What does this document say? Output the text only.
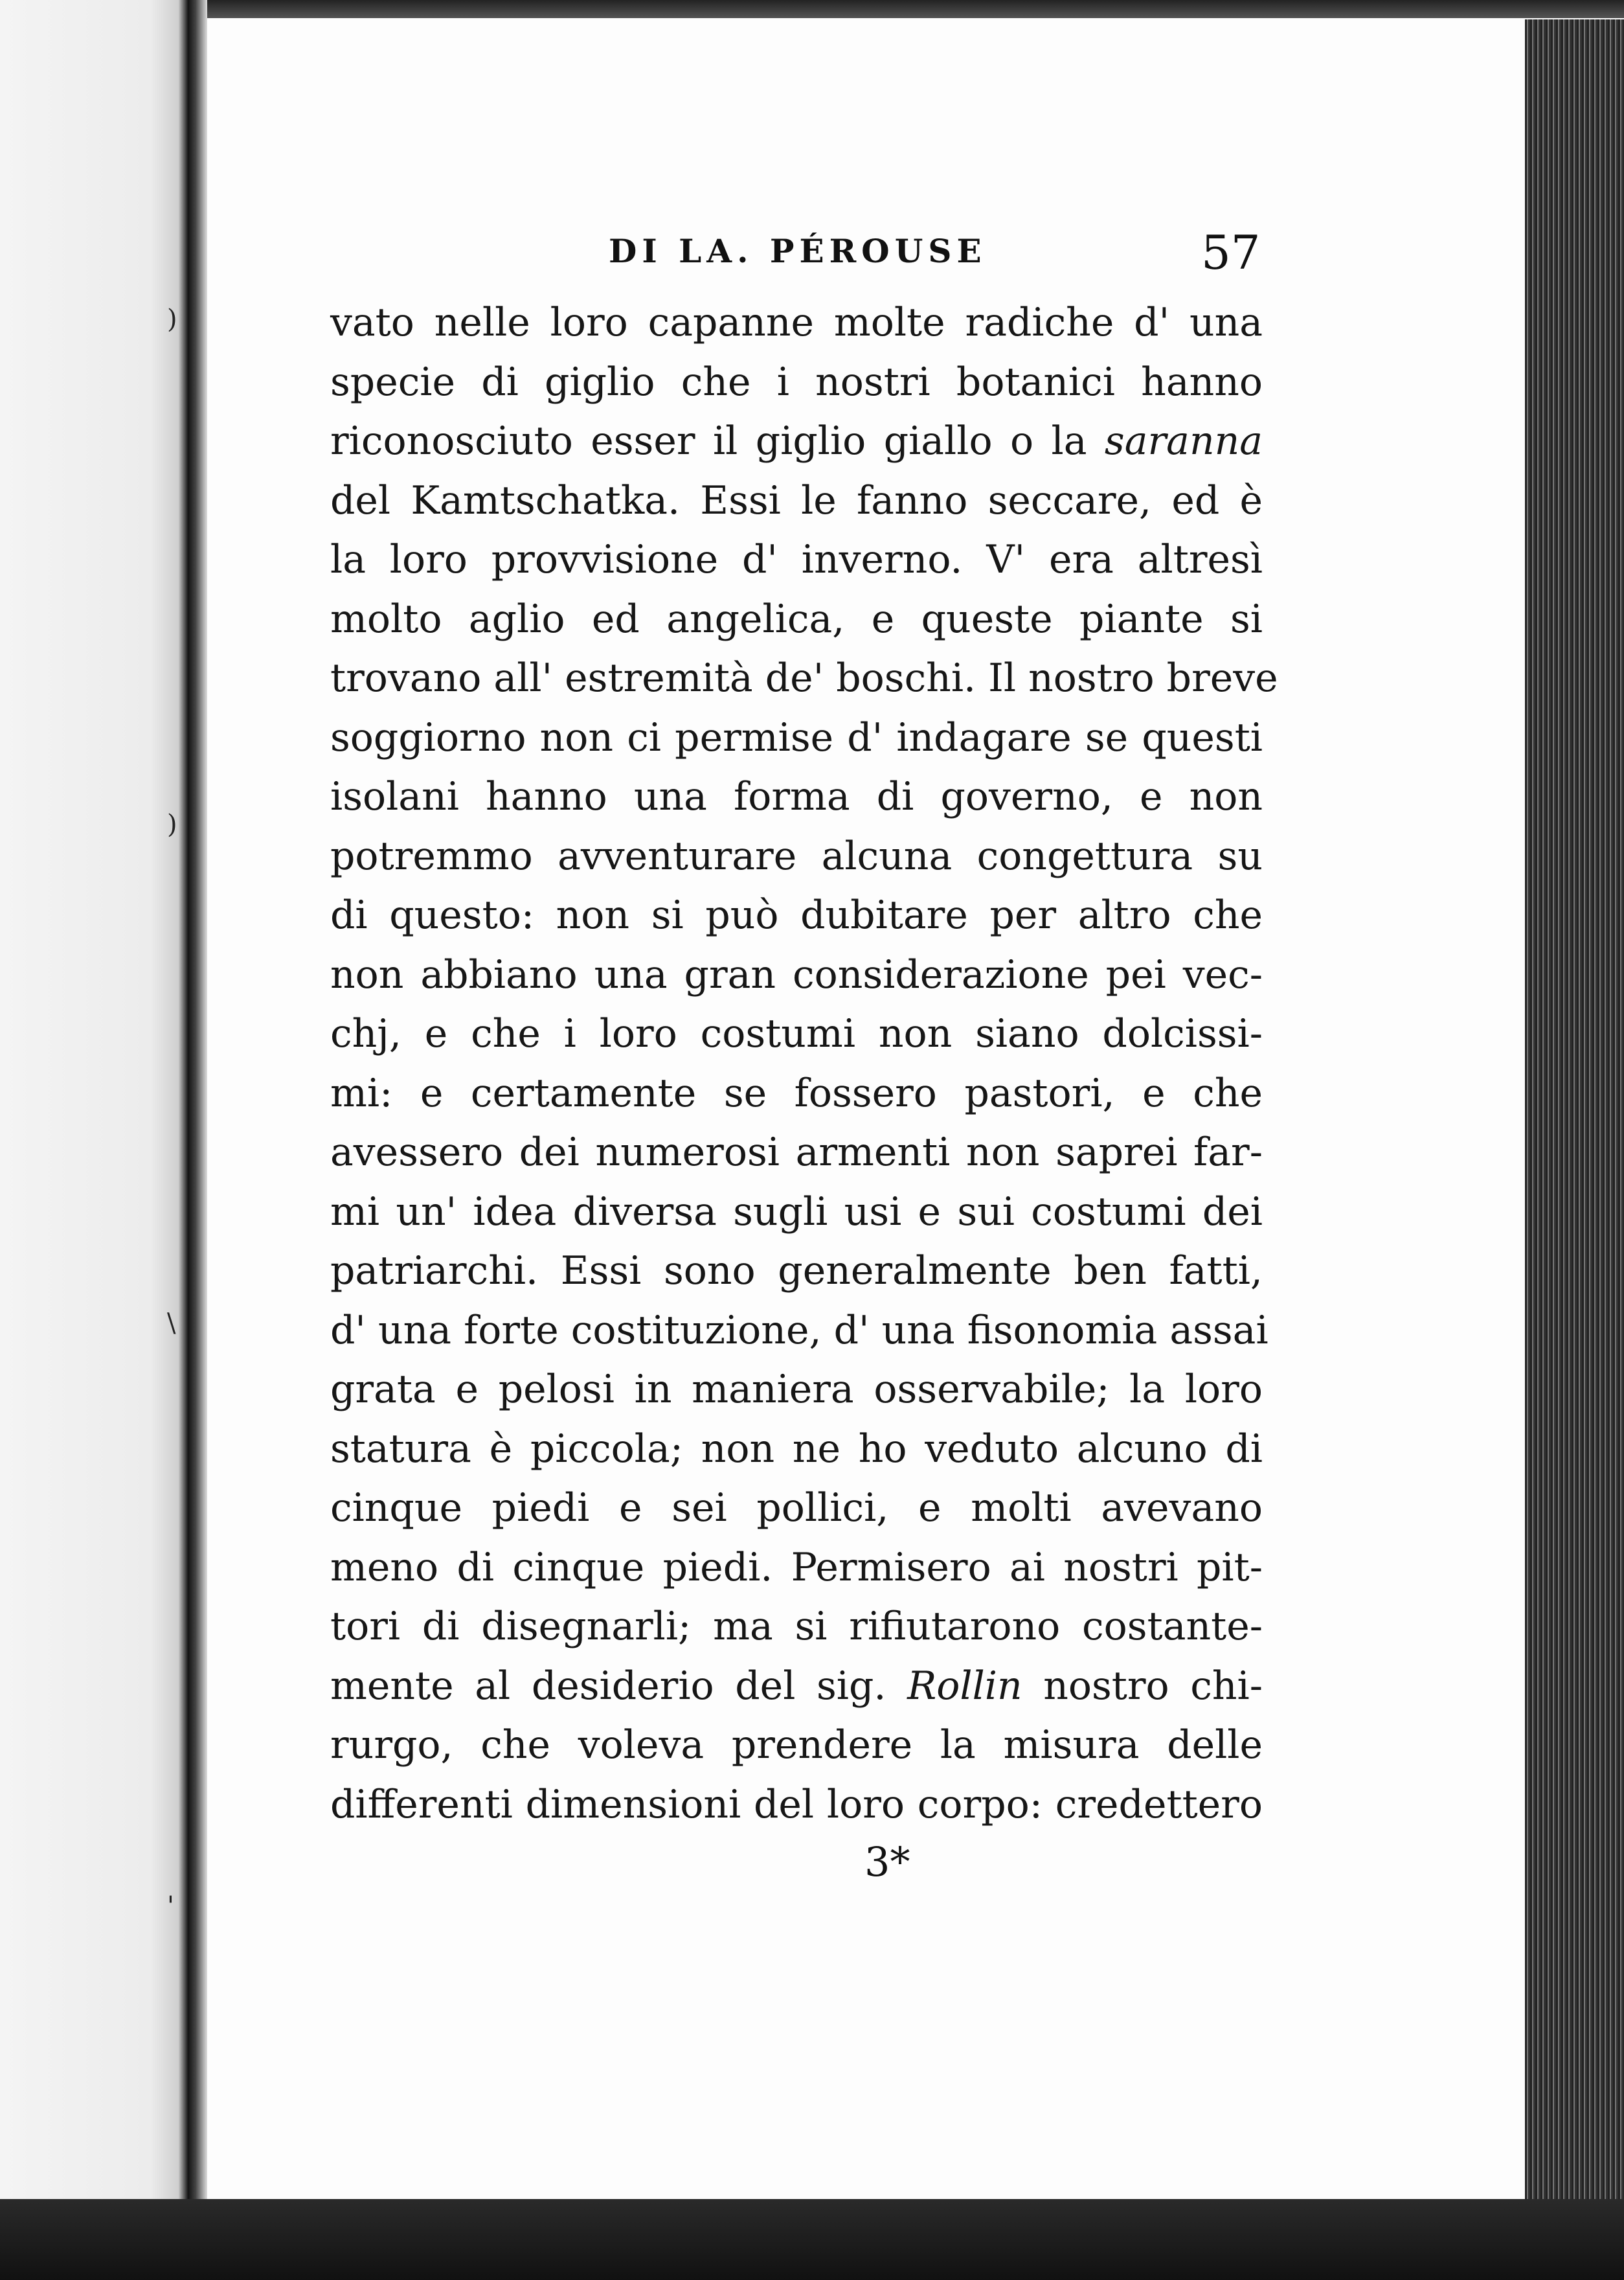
)
)
\
'
DI LA. PÉROUSE	57
vato nelle loro capanne molte radiche d' una
specie di giglio che i nostri botanici hanno
riconosciuto esser il giglio giallo o la saranna
del Kamtschatka. Essi le fanno seccare, ed è
la loro provvisione d' inverno. V' era altresì
molto aglio ed angelica, e queste piante si
trovano all' estremità de' boschi. Il nostro breve
soggiorno non ci permise d' indagare se questi
isolani hanno una forma di governo, e non
potremmo avventurare alcuna congettura su
di questo: non si può dubitare per altro che
non abbiano una gran considerazione pei vec-
chj, e che i loro costumi non siano dolcissi-
mi: e certamente se fossero pastori, e che
avessero dei numerosi armenti non saprei far-
mi un' idea diversa sugli usi e sui costumi dei
patriarchi. Essi sono generalmente ben fatti,
d' una forte costituzione, d' una fisonomia assai
grata e pelosi in maniera osservabile; la loro
statura è piccola; non ne ho veduto alcuno di
cinque piedi e sei pollici, e molti avevano
meno di cinque piedi. Permisero ai nostri pit-
tori di disegnarli; ma si rifiutarono costante-
mente al desiderio del sig. Rollin nostro chi-
rurgo, che voleva prendere la misura delle
differenti dimensioni del loro corpo: credettero
3*
